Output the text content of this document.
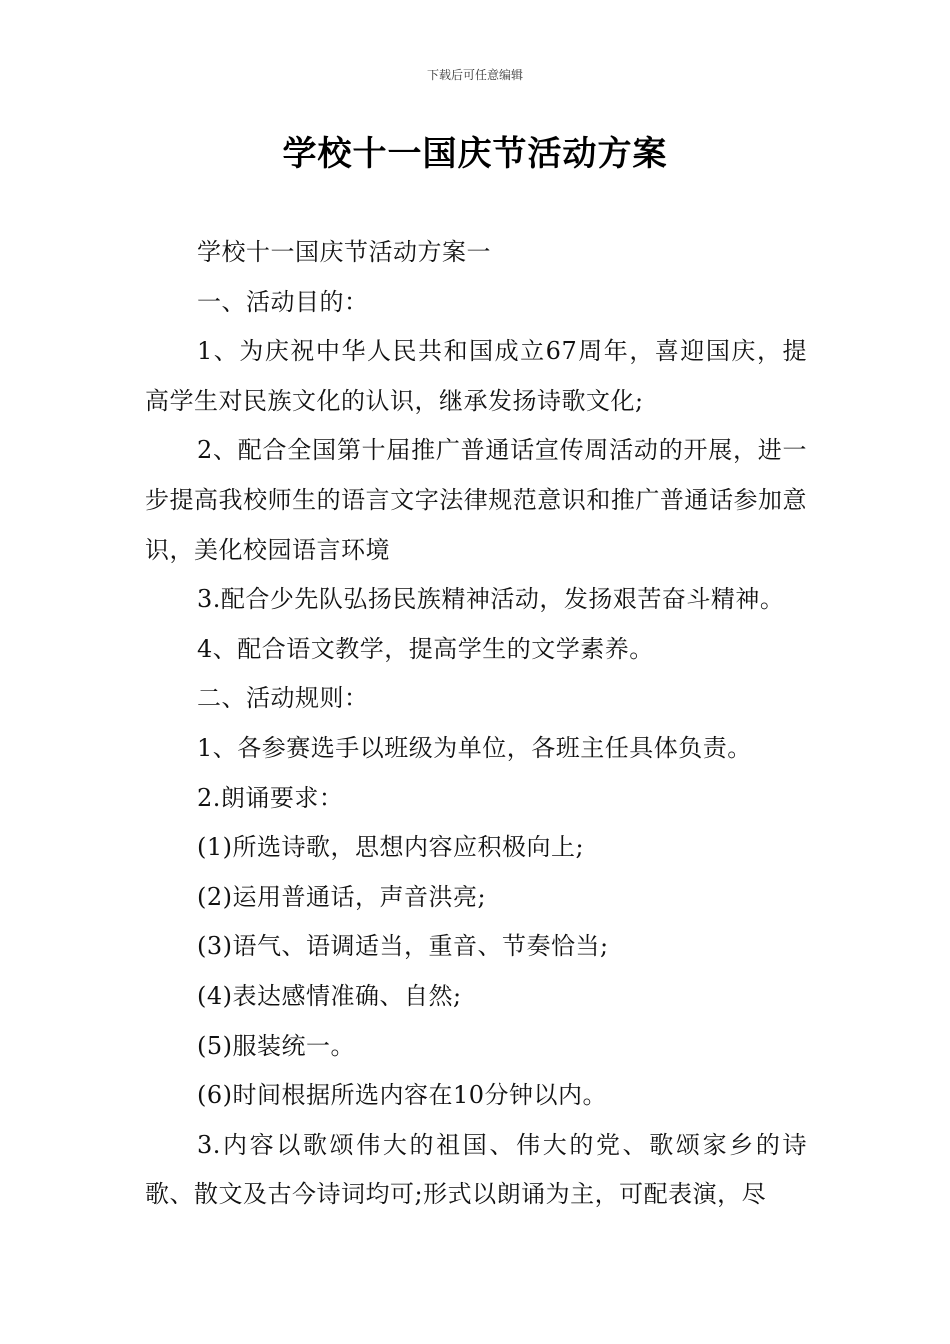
下载后可任意编辑
学校十一国庆节活动方案

学校十一国庆节活动方案一

一、活动目的：

1、为庆祝中华人民共和国成立67周年，喜迎国庆，提高学生对民族文化的认识，继承发扬诗歌文化;

2、配合全国第十届推广普通话宣传周活动的开展，进一步提高我校师生的语言文字法律规范意识和推广普通话参加意识，美化校园语言环境

3.配合少先队弘扬民族精神活动，发扬艰苦奋斗精神。

4、配合语文教学，提高学生的文学素养。

二、活动规则：

1、各参赛选手以班级为单位，各班主任具体负责。

2.朗诵要求：

(1)所选诗歌，思想内容应积极向上;

(2)运用普通话，声音洪亮;

(3)语气、语调适当，重音、节奏恰当;

(4)表达感情准确、自然;

(5)服装统一。

(6)时间根据所选内容在10分钟以内。

3.内容以歌颂伟大的祖国、伟大的党、歌颂家乡的诗歌、散文及古今诗词均可;形式以朗诵为主，可配表演，尽
